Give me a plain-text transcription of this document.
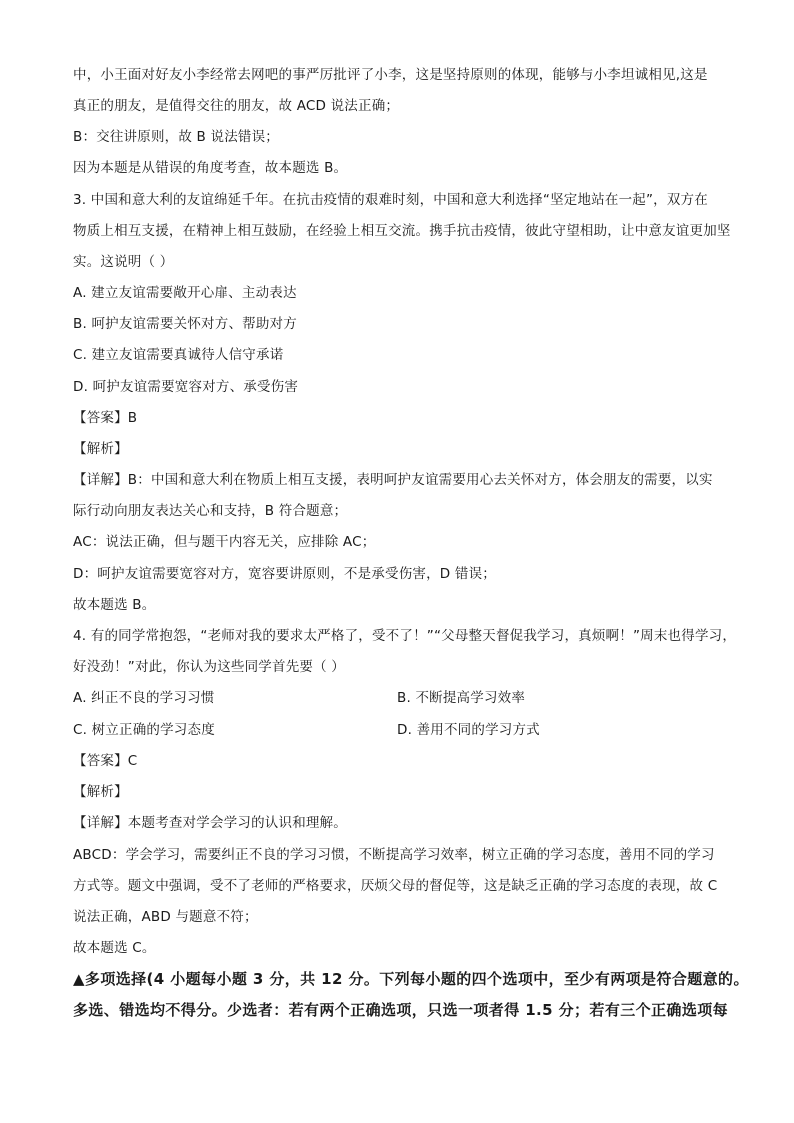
中，小王面对好友小李经常去网吧的事严厉批评了小李，这是坚持原则的体现，能够与小李坦诚相见,这是
真正的朋友，是值得交往的朋友，故 ACD 说法正确；
B：交往讲原则，故 B 说法错误；
因为本题是从错误的角度考查，故本题选 B。
3. 中国和意大利的友谊绵延千年。在抗击疫情的艰难时刻，中国和意大利选择“坚定地站在一起”，双方在
物质上相互支援，在精神上相互鼓励，在经验上相互交流。携手抗击疫情，彼此守望相助，让中意友谊更加坚
实。这说明（ ）
A. 建立友谊需要敞开心扉、主动表达
B. 呵护友谊需要关怀对方、帮助对方
C. 建立友谊需要真诚待人信守承诺
D. 呵护友谊需要宽容对方、承受伤害
【答案】B
【解析】
【详解】B：中国和意大利在物质上相互支援，表明呵护友谊需要用心去关怀对方，体会朋友的需要，以实
际行动向朋友表达关心和支持，B 符合题意；
AC：说法正确，但与题干内容无关，应排除 AC；
D：呵护友谊需要宽容对方，宽容要讲原则，不是承受伤害，D 错误；
故本题选 B。
4. 有的同学常抱怨，“老师对我的要求太严格了，受不了！”“父母整天督促我学习，真烦啊！”周末也得学习，
好没劲！”对此，你认为这些同学首先要（ ）
A. 纠正不良的学习习惯	B. 不断提高学习效率
C. 树立正确的学习态度	D. 善用不同的学习方式
【答案】C
【解析】
【详解】本题考查对学会学习的认识和理解。
ABCD：学会学习，需要纠正不良的学习习惯，不断提高学习效率，树立正确的学习态度，善用不同的学习
方式等。题文中强调，受不了老师的严格要求，厌烦父母的督促等，这是缺乏正确的学习态度的表现，故 C
说法正确，ABD 与题意不符；
故本题选 C。
▲多项选择(4 小题每小题 3 分，共 12 分。下列每小题的四个选项中，至少有两项是符合题意的。
多选、错选均不得分。少选者：若有两个正确选项，只选一项者得 1.5 分；若有三个正确选项每
